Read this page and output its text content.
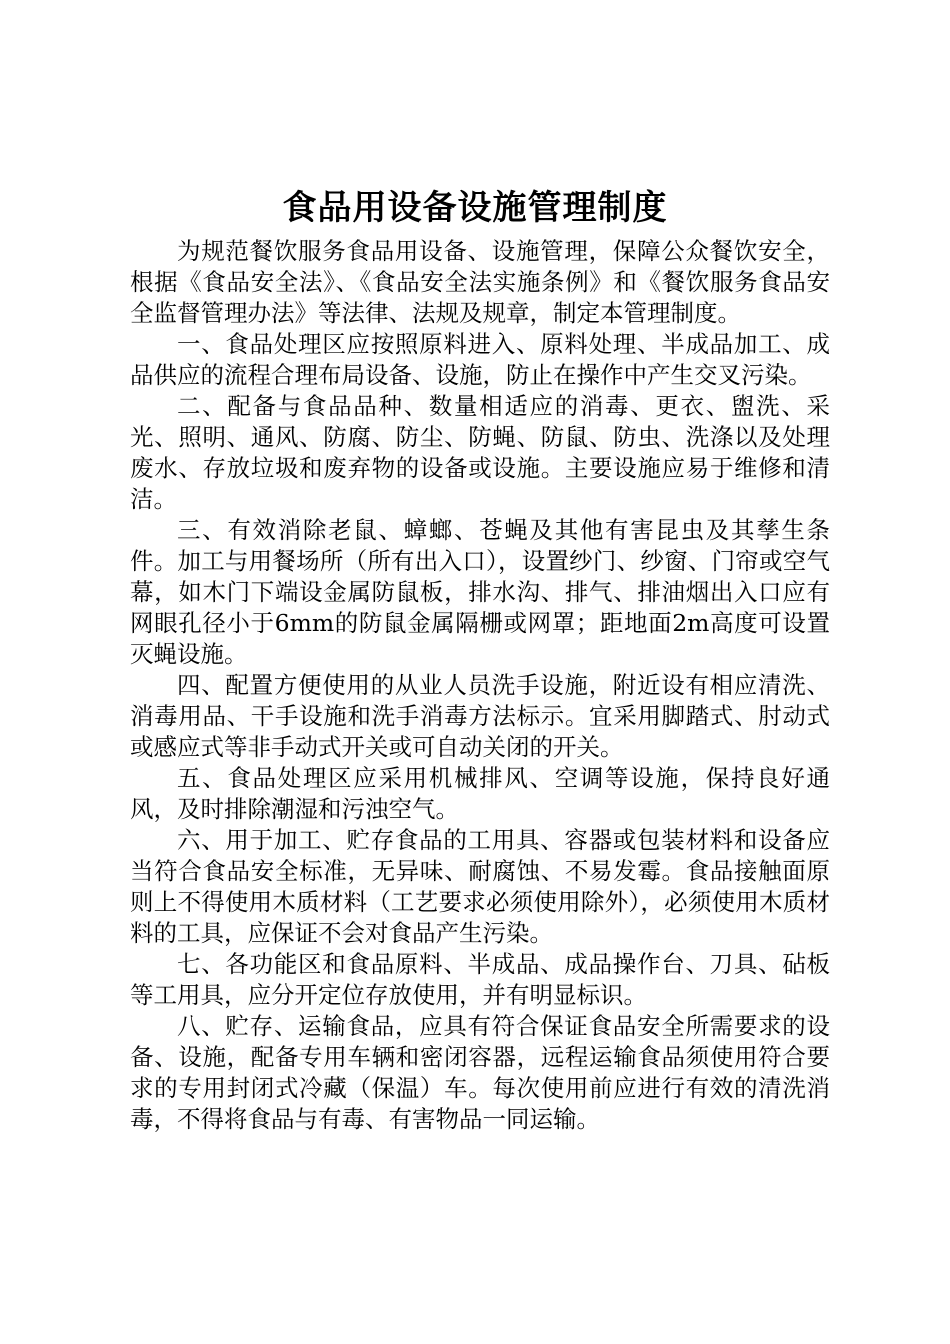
食品用设备设施管理制度

为规范餐饮服务食品用设备、设施管理，保障公众餐饮安全，根据《食品安全法》、《食品安全法实施条例》和《餐饮服务食品安全监督管理办法》等法律、法规及规章，制定本管理制度。

一、食品处理区应按照原料进入、原料处理、半成品加工、成品供应的流程合理布局设备、设施，防止在操作中产生交叉污染。

二、配备与食品品种、数量相适应的消毒、更衣、盥洗、采光、照明、通风、防腐、防尘、防蝇、防鼠、防虫、洗涤以及处理废水、存放垃圾和废弃物的设备或设施。主要设施应易于维修和清洁。

三、有效消除老鼠、蟑螂、苍蝇及其他有害昆虫及其孳生条件。加工与用餐场所（所有出入口），设置纱门、纱窗、门帘或空气幕，如木门下端设金属防鼠板，排水沟、排气、排油烟出入口应有网眼孔径小于6mm的防鼠金属隔栅或网罩；距地面2m高度可设置灭蝇设施。

四、配置方便使用的从业人员洗手设施，附近设有相应清洗、消毒用品、干手设施和洗手消毒方法标示。宜采用脚踏式、肘动式或感应式等非手动式开关或可自动关闭的开关。

五、食品处理区应采用机械排风、空调等设施，保持良好通风，及时排除潮湿和污浊空气。

六、用于加工、贮存食品的工用具、容器或包装材料和设备应当符合食品安全标准，无异味、耐腐蚀、不易发霉。食品接触面原则上不得使用木质材料（工艺要求必须使用除外），必须使用木质材料的工具，应保证不会对食品产生污染。

七、各功能区和食品原料、半成品、成品操作台、刀具、砧板等工用具，应分开定位存放使用，并有明显标识。

八、贮存、运输食品，应具有符合保证食品安全所需要求的设备、设施，配备专用车辆和密闭容器，远程运输食品须使用符合要求的专用封闭式冷藏（保温）车。每次使用前应进行有效的清洗消毒，不得将食品与有毒、有害物品一同运输。
